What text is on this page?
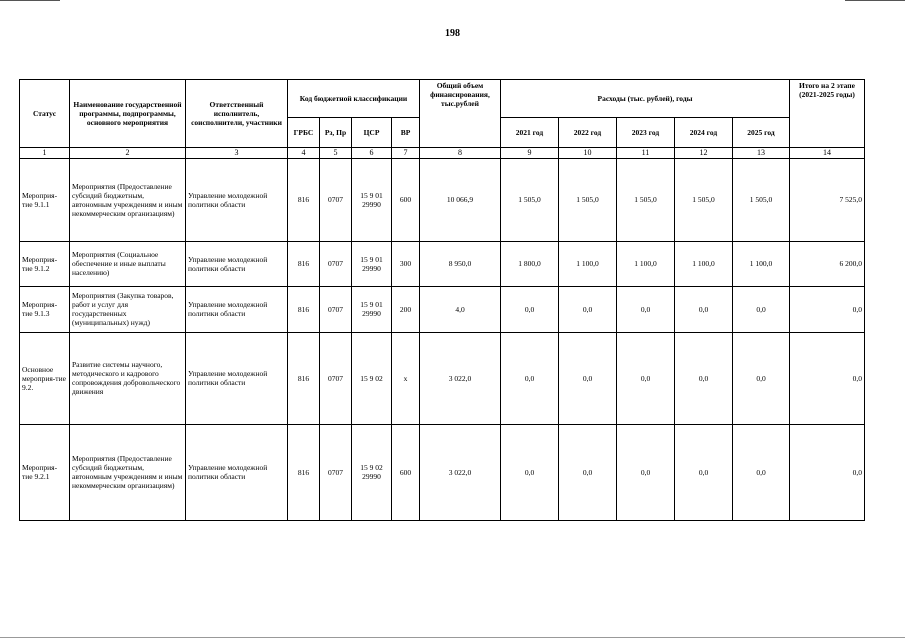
198
Статус	Наименование государственной программы, подпрограммы, основного мероприятия	Ответственный исполнитель, соисполнители, участники	Код бюджетной классификации				Общий объем финансирования, тыс.рублей	Расходы (тыс. рублей), годы					Итого на 2 этапе (2021-2025 годы)
			ГРБС	Рз, Пр	ЦСР	ВР		2021 год	2022 год	2023 год	2024 год	2025 год	
1	2	3	4	5	6	7	8	9	10	11	12	13	14
Мероприя-тие 9.1.1	Мероприятия (Предоставление субсидий бюджетным, автономным учреждениям и иным некоммерческим организациям)	Управление молодежной политики области	816	0707	15 9 01 29990	600	10 066,9	1 505,0	1 505,0	1 505,0	1 505,0	1 505,0	7 525,0
Мероприя-тие 9.1.2	Мероприятия (Социальное обеспечение и иные выплаты населению)	Управление молодежной политики области	816	0707	15 9 01 29990	300	8 950,0	1 800,0	1 100,0	1 100,0	1 100,0	1 100,0	6 200,0
Мероприя-тие 9.1.3	Мероприятия (Закупка товаров, работ и услуг для государственных (муниципальных) нужд)	Управление молодежной политики области	816	0707	15 9 01 29990	200	4,0	0,0	0,0	0,0	0,0	0,0	0,0
Основное мероприя-тие 9.2.	Развитие системы научного, методического и кадрового сопровождения добровольческого движения	Управление молодежной политики области	816	0707	15 9 02	х	3 022,0	0,0	0,0	0,0	0,0	0,0	0,0
Мероприя-тие 9.2.1	Мероприятия (Предоставление субсидий бюджетным, автономным учреждениям и иным некоммерческим организациям)	Управление молодежной политики области	816	0707	15 9 02 29990	600	3 022,0	0,0	0,0	0,0	0,0	0,0	0,0
